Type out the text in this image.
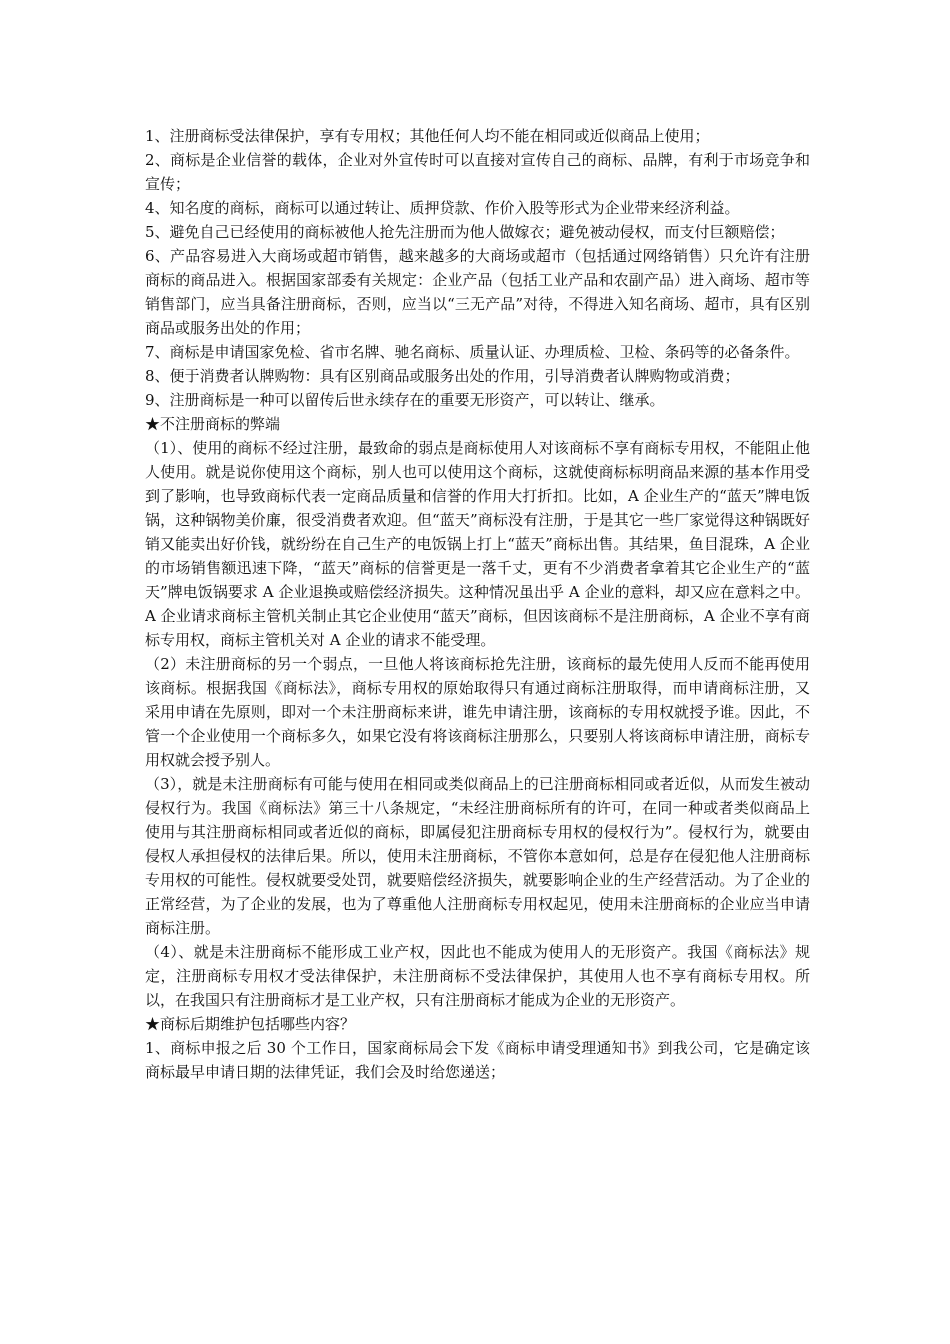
1、注册商标受法律保护，享有专用权；其他任何人均不能在相同或近似商品上使用；

2、商标是企业信誉的载体，企业对外宣传时可以直接对宣传自己的商标、品牌，有利于市场竞争和宣传；

4、知名度的商标，商标可以通过转让、质押贷款、作价入股等形式为企业带来经济利益。

5、避免自己已经使用的商标被他人抢先注册而为他人做嫁衣；避免被动侵权，而支付巨额赔偿；

6、产品容易进入大商场或超市销售，越来越多的大商场或超市（包括通过网络销售）只允许有注册商标的商品进入。根据国家部委有关规定：企业产品（包括工业产品和农副产品）进入商场、超市等销售部门，应当具备注册商标，否则，应当以“三无产品”对待，不得进入知名商场、超市，具有区别商品或服务出处的作用；

7、商标是申请国家免检、省市名牌、驰名商标、质量认证、办理质检、卫检、条码等的必备条件。

8、便于消费者认牌购物：具有区别商品或服务出处的作用，引导消费者认牌购物或消费；

9、注册商标是一种可以留传后世永续存在的重要无形资产，可以转让、继承。

★不注册商标的弊端

（1）、使用的商标不经过注册，最致命的弱点是商标使用人对该商标不享有商标专用权，不能阻止他人使用。就是说你使用这个商标，别人也可以使用这个商标，这就使商标标明商品来源的基本作用受到了影响，也导致商标代表一定商品质量和信誉的作用大打折扣。比如，A 企业生产的“蓝天”牌电饭锅，这种锅物美价廉，很受消费者欢迎。但“蓝天”商标没有注册，于是其它一些厂家觉得这种锅既好销又能卖出好价钱，就纷纷在自己生产的电饭锅上打上“蓝天”商标出售。其结果，鱼目混珠，A 企业的市场销售额迅速下降，“蓝天”商标的信誉更是一落千丈，更有不少消费者拿着其它企业生产的“蓝天”牌电饭锅要求 A 企业退换或赔偿经济损失。这种情况虽出乎 A 企业的意料，却又应在意料之中。A 企业请求商标主管机关制止其它企业使用“蓝天”商标，但因该商标不是注册商标，A 企业不享有商标专用权，商标主管机关对 A 企业的请求不能受理。

（2）未注册商标的另一个弱点，一旦他人将该商标抢先注册，该商标的最先使用人反而不能再使用该商标。根据我国《商标法》，商标专用权的原始取得只有通过商标注册取得，而申请商标注册，又采用申请在先原则，即对一个未注册商标来讲，谁先申请注册，该商标的专用权就授予谁。因此，不管一个企业使用一个商标多久，如果它没有将该商标注册那么，只要别人将该商标申请注册，商标专用权就会授予别人。

（3），就是未注册商标有可能与使用在相同或类似商品上的已注册商标相同或者近似，从而发生被动侵权行为。我国《商标法》第三十八条规定，“未经注册商标所有的许可，在同一种或者类似商品上使用与其注册商标相同或者近似的商标，即属侵犯注册商标专用权的侵权行为”。侵权行为，就要由侵权人承担侵权的法律后果。所以，使用未注册商标，不管你本意如何，总是存在侵犯他人注册商标专用权的可能性。侵权就要受处罚，就要赔偿经济损失，就要影响企业的生产经营活动。为了企业的正常经营，为了企业的发展，也为了尊重他人注册商标专用权起见，使用未注册商标的企业应当申请商标注册。

（4）、就是未注册商标不能形成工业产权，因此也不能成为使用人的无形资产。我国《商标法》规定，注册商标专用权才受法律保护，未注册商标不受法律保护，其使用人也不享有商标专用权。所以，在我国只有注册商标才是工业产权，只有注册商标才能成为企业的无形资产。

★商标后期维护包括哪些内容？

1、商标申报之后 30 个工作日，国家商标局会下发《商标申请受理通知书》到我公司，它是确定该商标最早申请日期的法律凭证，我们会及时给您递送；
